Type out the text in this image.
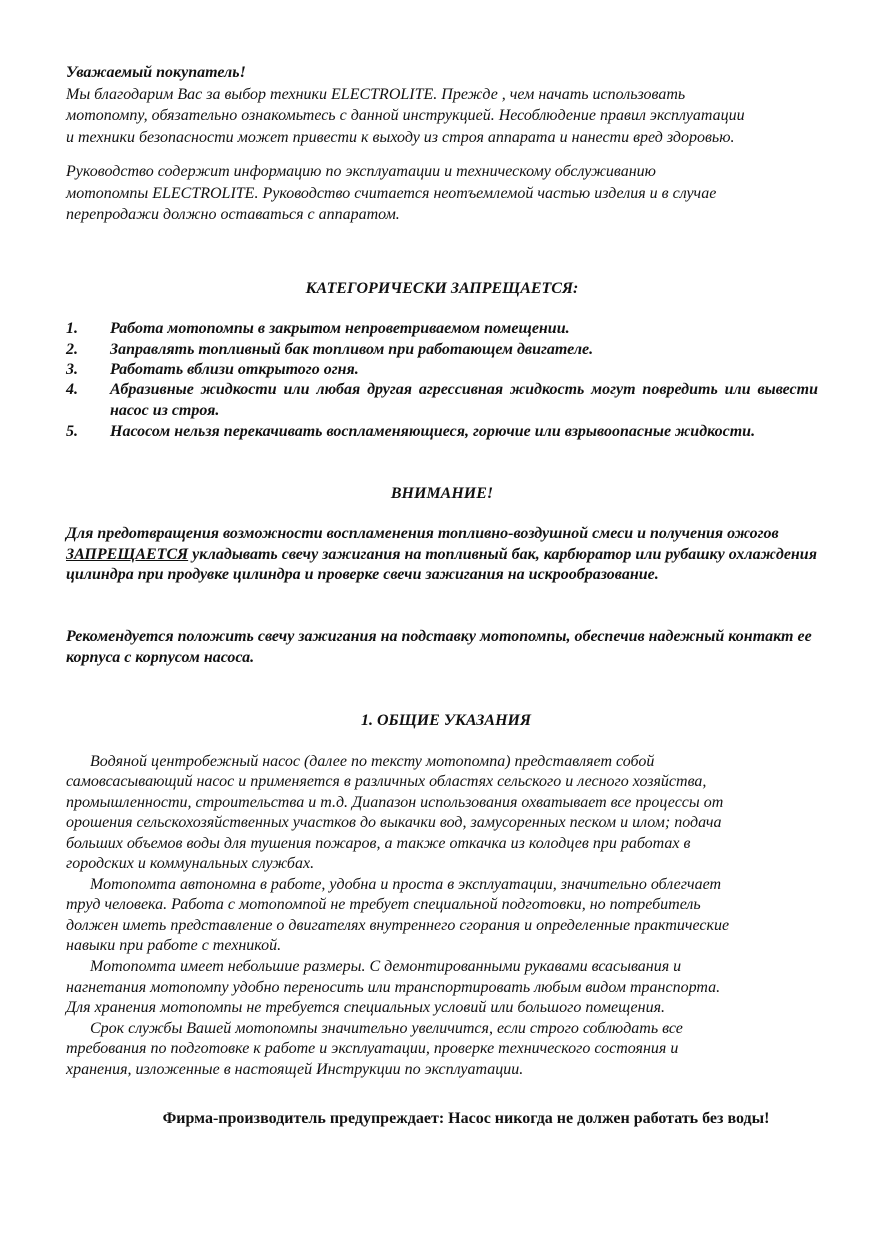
Уважаемый покупатель!
Мы благодарим Вас за выбор техники ELECTROLITE. Прежде , чем начать использовать
мотопомпу, обязательно ознакомьтесь с данной инструкцией. Несоблюдение правил эксплуатации
и техники безопасности может привести к выходу из строя аппарата и нанести вред здоровью.
Руководство содержит информацию по эксплуатации и техническому обслуживанию
мотопомпы ELECTROLITE. Руководство считается неотъемлемой частью изделия и в случае
перепродажи должно оставаться с аппаратом.
КАТЕГОРИЧЕСКИ ЗАПРЕЩАЕТСЯ:
1. Работа мотопомпы в закрытом непроветриваемом помещении.
2. Заправлять топливный бак топливом при работающем двигателе.
3. Работать вблизи открытого огня.
4. Абразивные жидкости или любая другая агрессивная жидкость могут повредить или вывести насос из строя.
5. Насосом нельзя перекачивать воспламеняющиеся, горючие или взрывоопасные жидкости.
ВНИМАНИЕ!
Для предотвращения возможности воспламенения топливно-воздушной смеси и получения ожогов ЗАПРЕЩАЕТСЯ укладывать свечу зажигания на топливный бак, карбюратор или рубашку охлаждения цилиндра при продувке цилиндра и проверке свечи зажигания на искрообразование.
Рекомендуется положить свечу зажигания на подставку мотопомпы, обеспечив надежный контакт ее корпуса с корпусом насоса.
1. ОБЩИЕ УКАЗАНИЯ
Водяной центробежный насос (далее по тексту мотопомпа) представляет собой
самовсасывающий насос и применяется в различных областях сельского и лесного хозяйства,
промышленности, строительства и т.д. Диапазон использования охватывает все процессы от
орошения сельскохозяйственных участков до выкачки вод, замусоренных песком и илом; подача
больших объемов воды для тушения пожаров, а также откачка из колодцев при работах в
городских и коммунальных службах.
Мотопомта автономна в работе, удобна и проста в эксплуатации, значительно облегчает
труд человека. Работа с мотопомпой не требует специальной подготовки, но потребитель
должен иметь представление о двигателях внутреннего сгорания и определенные практические
навыки при работе с техникой.
Мотопомта имеет небольшие размеры. С демонтированными рукавами всасывания и
нагнетания мотопомпу удобно переносить или транспортировать любым видом транспорта.
Для хранения мотопомпы не требуется специальных условий или большого помещения.
Срок службы Вашей мотопомпы значительно увеличится, если строго соблюдать все
требования по подготовке к работе и эксплуатации, проверке технического состояния и
хранения, изложенные в настоящей Инструкции по эксплуатации.
Фирма-производитель предупреждает: Насос никогда не должен работать без воды!
